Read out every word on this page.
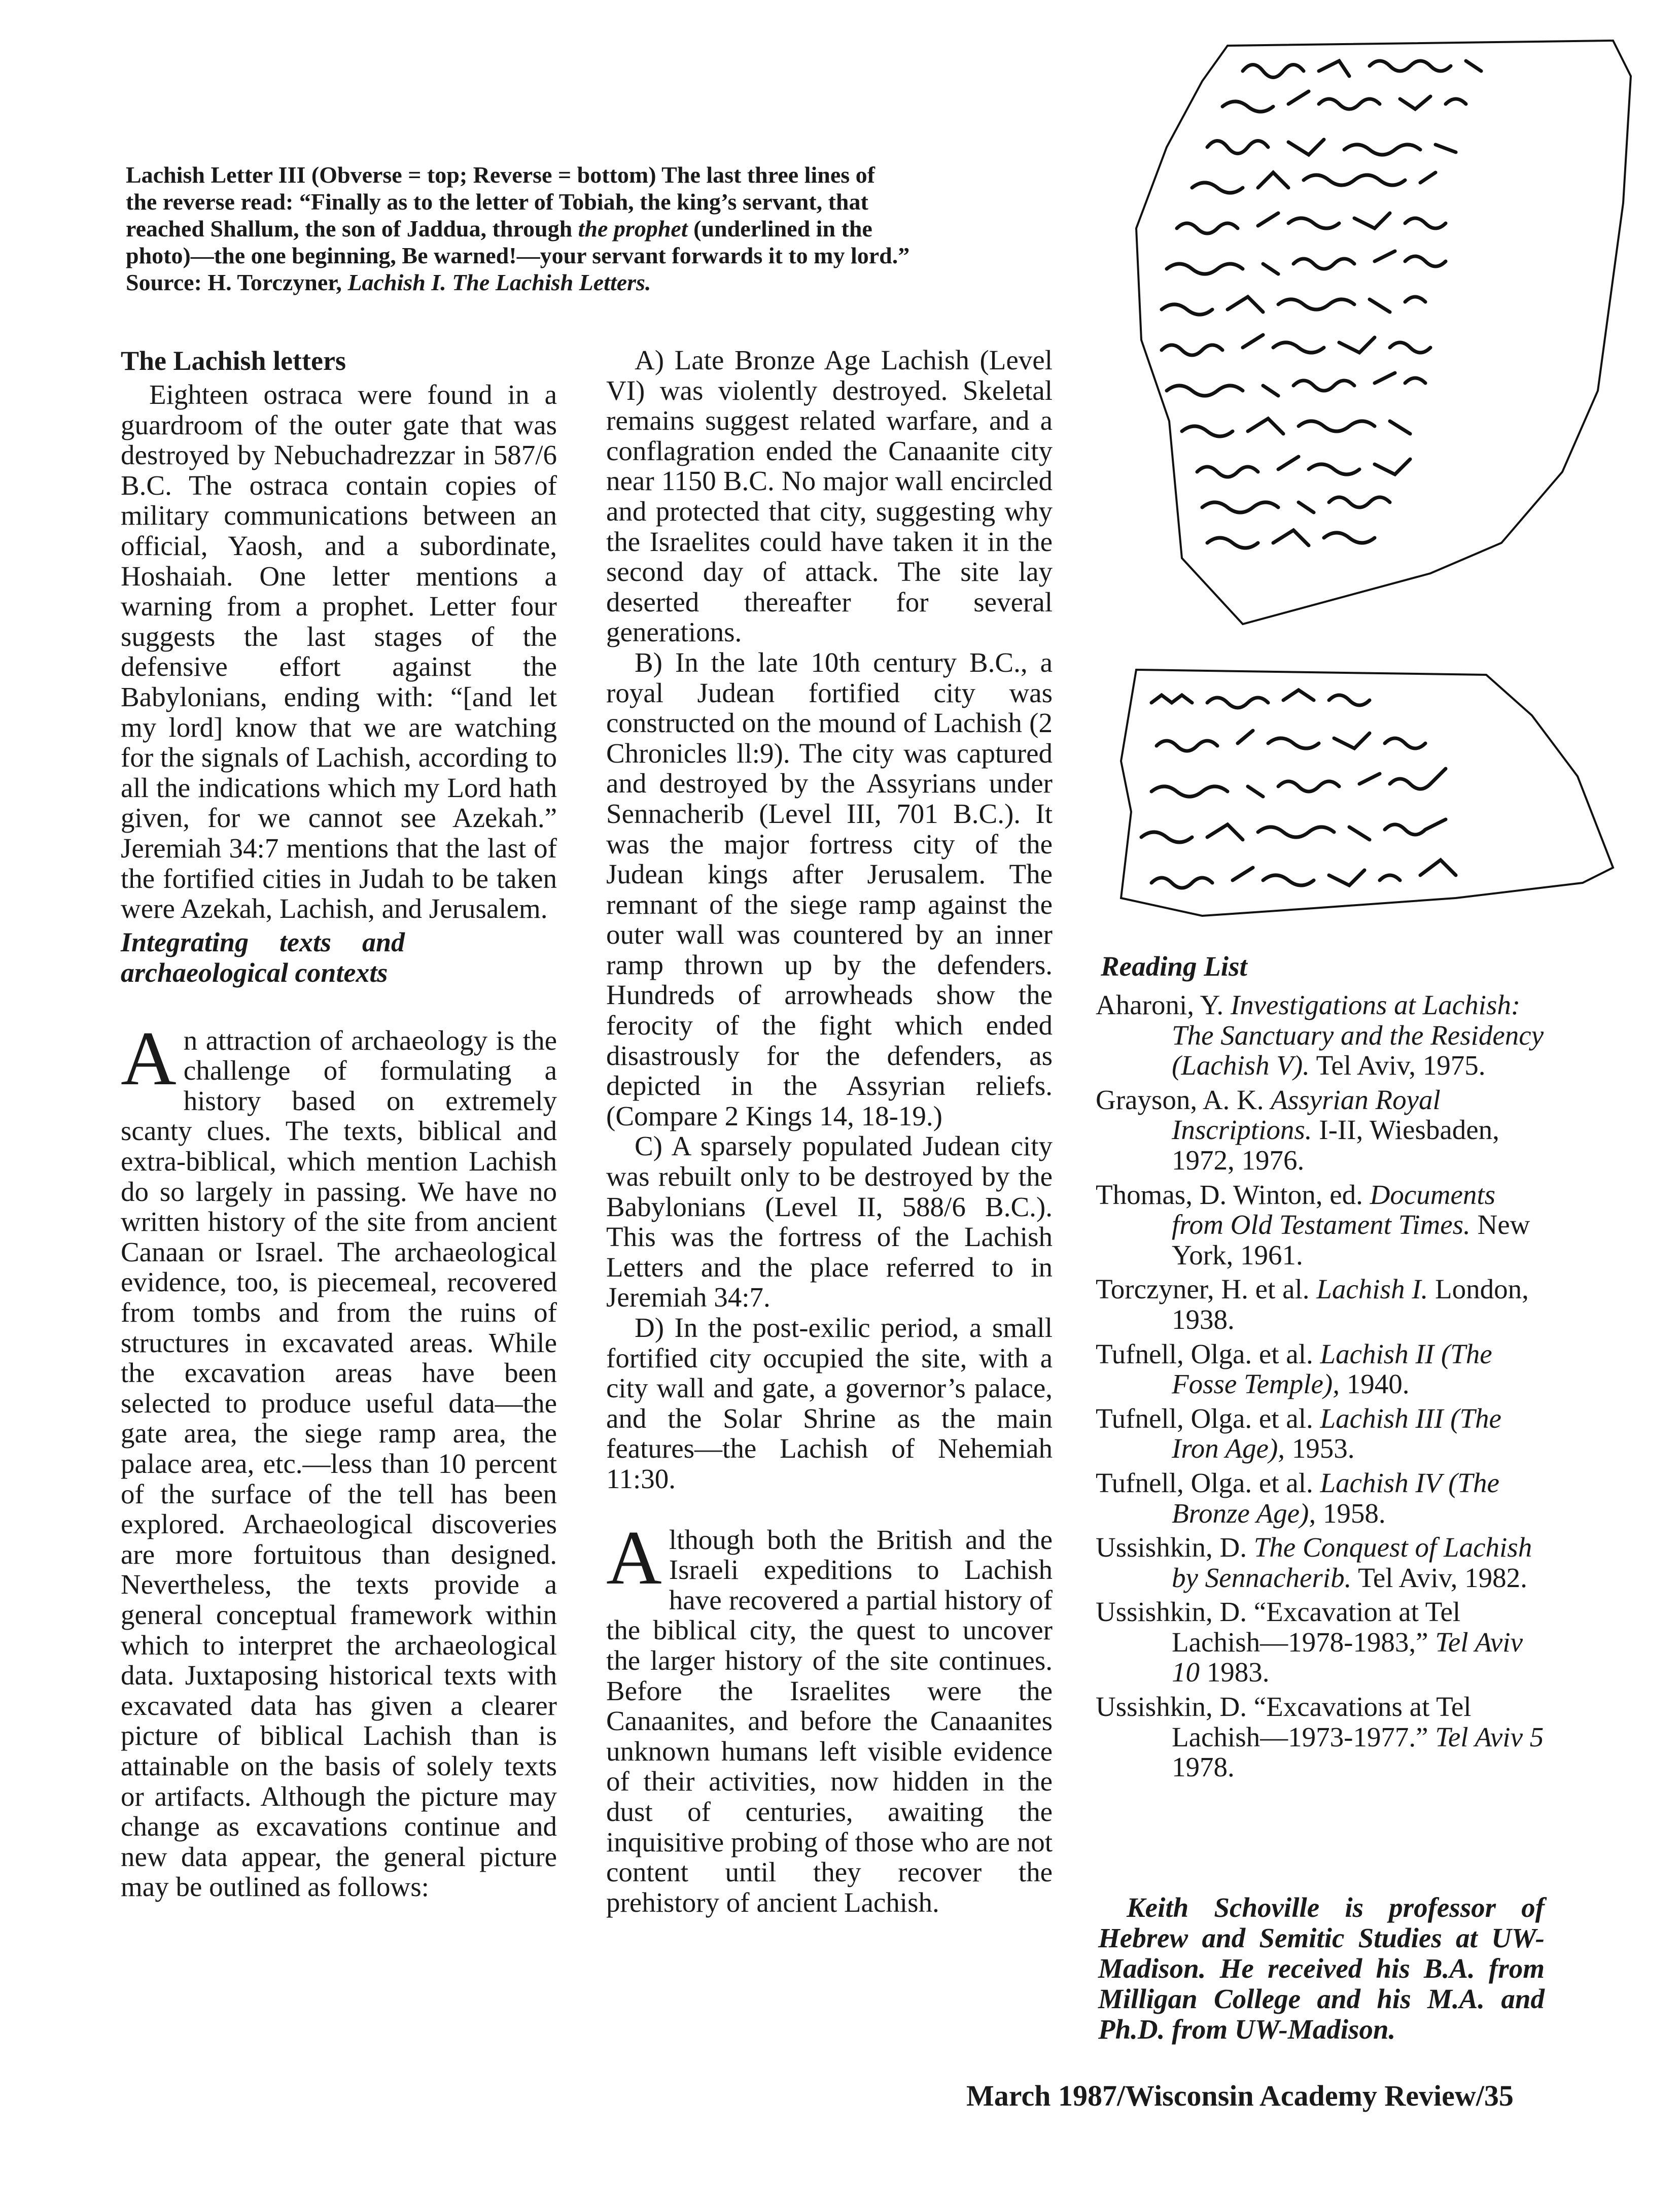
Lachish Letter III (Obverse = top; Reverse = bottom) The last three lines of
the reverse read: “Finally as to the letter of Tobiah, the king’s servant, that
reached Shallum, the son of Jaddua, through the prophet (underlined in the
photo)—the one beginning, Be warned!—your servant forwards it to my lord.”
Source: H. Torczyner, Lachish I. The Lachish Letters.
The Lachish letters

Eighteen ostraca were found in a guardroom of the outer gate that was destroyed by Nebuchadrezzar in 587/6 B.C. The ostraca contain copies of military communications between an official, Yaosh, and a subordinate, Hoshaiah. One letter mentions a warning from a prophet. Letter four suggests the last stages of the defensive effort against the Babylonians, ending with: “[and let my lord] know that we are watching for the signals of Lachish, according to all the indications which my Lord hath given, for we cannot see Azekah.” Jeremiah 34:7 mentions that the last of the fortified cities in Judah to be taken were Azekah, Lachish, and Jerusalem.

Integrating texts and archaeological contexts

An attraction of archaeology is the challenge of formulating a history based on extremely scanty clues. The texts, biblical and extra-biblical, which mention Lachish do so largely in passing. We have no written history of the site from ancient Canaan or Israel. The archaeological evidence, too, is piecemeal, recovered from tombs and from the ruins of structures in excavated areas. While the excavation areas have been selected to produce useful data—the gate area, the siege ramp area, the palace area, etc.—less than 10 percent of the surface of the tell has been explored. Archaeological discoveries are more fortuitous than designed. Nevertheless, the texts provide a general conceptual framework within which to interpret the archaeological data. Juxtaposing historical texts with excavated data has given a clearer picture of biblical Lachish than is attainable on the basis of solely texts or artifacts. Although the picture may change as excavations continue and new data appear, the general picture may be outlined as follows:

A) Late Bronze Age Lachish (Level VI) was violently destroyed. Skeletal remains suggest related warfare, and a conflagration ended the Canaanite city near 1150 B.C. No major wall encircled and protected that city, suggesting why the Israelites could have taken it in the second day of attack. The site lay deserted thereafter for several generations.

B) In the late 10th century B.C., a royal Judean fortified city was constructed on the mound of Lachish (2 Chronicles ll:9). The city was captured and destroyed by the Assyrians under Sennacherib (Level III, 701 B.C.). It was the major fortress city of the Judean kings after Jerusalem. The remnant of the siege ramp against the outer wall was countered by an inner ramp thrown up by the defenders. Hundreds of arrowheads show the ferocity of the fight which ended disastrously for the defenders, as depicted in the Assyrian reliefs. (Compare 2 Kings 14, 18-19.)

C) A sparsely populated Judean city was rebuilt only to be destroyed by the Babylonians (Level II, 588/6 B.C.). This was the fortress of the Lachish Letters and the place referred to in Jeremiah 34:7.

D) In the post-exilic period, a small fortified city occupied the site, with a city wall and gate, a governor’s palace, and the Solar Shrine as the main features—the Lachish of Nehemiah 11:30.

Although both the British and the Israeli expeditions to Lachish have recovered a partial history of the biblical city, the quest to uncover the larger history of the site continues. Before the Israelites were the Canaanites, and before the Canaanites unknown humans left visible evidence of their activities, now hidden in the dust of centuries, awaiting the inquisitive probing of those who are not content until they recover the prehistory of ancient Lachish.

Reading List
Aharoni, Y. Investigations at Lachish: The Sanctuary and the Residency (Lachish V). Tel Aviv, 1975.
Grayson, A. K. Assyrian Royal Inscriptions. I-II, Wiesbaden, 1972, 1976.
Thomas, D. Winton, ed. Documents from Old Testament Times. New York, 1961.
Torczyner, H. et al. Lachish I. London, 1938.
Tufnell, Olga. et al. Lachish II (The Fosse Temple), 1940.
Tufnell, Olga. et al. Lachish III (The Iron Age), 1953.
Tufnell, Olga. et al. Lachish IV (The Bronze Age), 1958.
Ussishkin, D. The Conquest of Lachish by Sennacherib. Tel Aviv, 1982.
Ussishkin, D. “Excavation at Tel Lachish—1978-1983,” Tel Aviv 10 1983.
Ussishkin, D. “Excavations at Tel Lachish—1973-1977.” Tel Aviv 5 1978.

Keith Schoville is professor of Hebrew and Semitic Studies at UW-Madison. He received his B.A. from Milligan College and his M.A. and Ph.D. from UW-Madison.

March 1987/Wisconsin Academy Review/35
